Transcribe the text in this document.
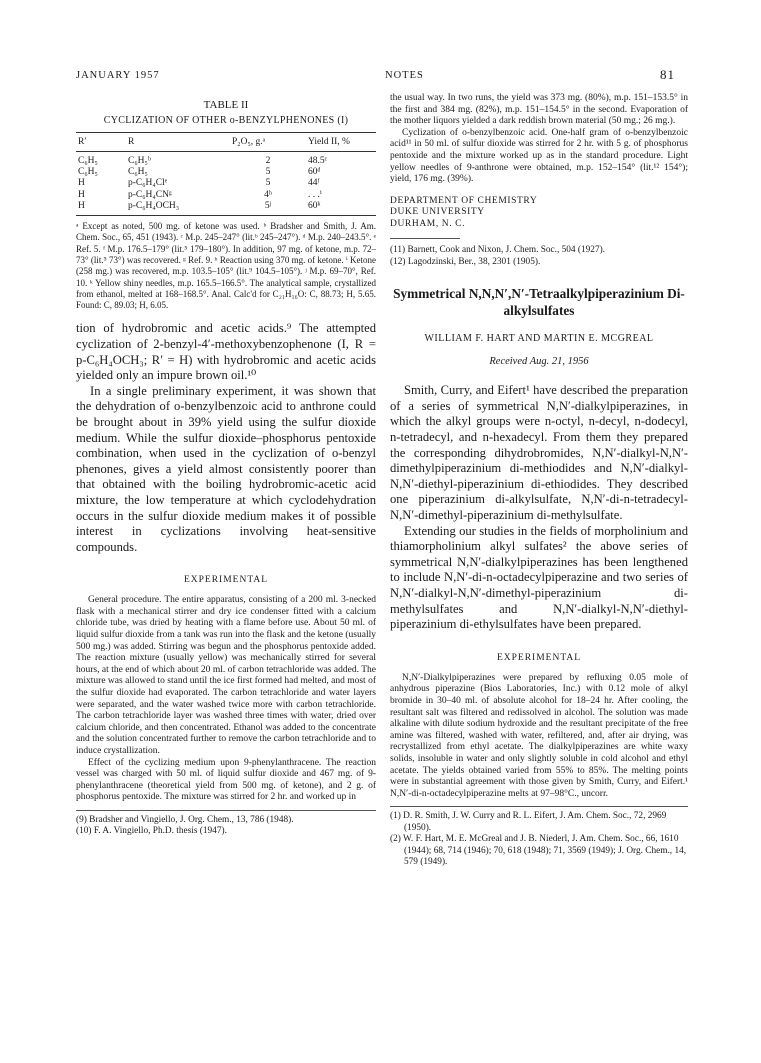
JANUARY 1957	NOTES	81
TABLE II
CYCLIZATION OF OTHER o-BENZYLPHENONES (I)
R′	R	P₂O₅, g.ᵃ	Yield II, %
C₆H₅	C₆H₅ᵇ	2	48.5ᶜ
C₆H₅	C₆H₅	5	60ᵈ
H	p-C₆H₄Clᵉ	5	44ᶠ
H	p-C₆H₄CNᵍ	4ʰ	. . .ⁱ
H	p-C₆H₄OCH₃	5ʲ	60ᵏ
ᵃ Except as noted, 500 mg. of ketone was used. ᵇ Bradsher and Smith, J. Am. Chem. Soc., 65, 451 (1943). ᶜ M.p. 245–247° (lit.ᵇ 245–247°). ᵈ M.p. 240–243.5°. ᵉ Ref. 5. ᶠ M.p. 176.5–179° (lit.⁵ 179–180°). In addition, 97 mg. of ketone, m.p. 72–73° (lit.⁵ 73°) was recovered. ᵍ Ref. 9. ʰ Reaction using 370 mg. of ketone. ⁱ Ketone (258 mg.) was recovered, m.p. 103.5–105° (lit.⁹ 104.5–105°). ʲ M.p. 69–70°, Ref. 10. ᵏ Yellow shiny needles, m.p. 165.5–166.5°. The analytical sample, crystallized from ethanol, melted at 168–168.5°. Anal. Calc'd for C₂₁H₁₆O: C, 88.73; H, 5.65. Found: C, 89.03; H, 6.05.

tion of hydrobromic and acetic acids.⁹ The attempted cyclization of 2-benzyl-4′-methoxybenzophenone (I, R = p-C₆H₄OCH₃; R′ = H) with hydrobromic and acetic acids yielded only an impure brown oil.¹⁰

In a single preliminary experiment, it was shown that the dehydration of o-benzylbenzoic acid to anthrone could be brought about in 39% yield using the sulfur dioxide medium. While the sulfur dioxide–phosphorus pentoxide combination, when used in the cyclization of o-benzyl phenones, gives a yield almost consistently poorer than that obtained with the boiling hydrobromic-acetic acid mixture, the low temperature at which cyclodehydration occurs in the sulfur dioxide medium makes it of possible interest in cyclizations involving heat-sensitive compounds.

EXPERIMENTAL

General procedure. The entire apparatus, consisting of a 200 ml. 3-necked flask with a mechanical stirrer and dry ice condenser fitted with a calcium chloride tube, was dried by heating with a flame before use. About 50 ml. of liquid sulfur dioxide from a tank was run into the flask and the ketone (usually 500 mg.) was added. Stirring was begun and the phosphorus pentoxide added. The reaction mixture (usually yellow) was mechanically stirred for several hours, at the end of which about 20 ml. of carbon tetrachloride was added. The mixture was allowed to stand until the ice first formed had melted, and most of the sulfur dioxide had evaporated. The carbon tetrachloride and water layers were separated, and the water washed twice more with carbon tetrachloride. The carbon tetrachloride layer was washed three times with water, dried over calcium chloride, and then concentrated. Ethanol was added to the concentrate and the solution concentrated further to remove the carbon tetrachloride and to induce crystallization.

Effect of the cyclizing medium upon 9-phenylanthracene. The reaction vessel was charged with 50 ml. of liquid sulfur dioxide and 467 mg. of 9-phenylanthracene (theoretical yield from 500 mg. of ketone), and 2 g. of phosphorus pentoxide. The mixture was stirred for 2 hr. and worked up in

(9) Bradsher and Vingiello, J. Org. Chem., 13, 786 (1948).
(10) F. A. Vingiello, Ph.D. thesis (1947).

the usual way. In two runs, the yield was 373 mg. (80%), m.p. 151–153.5° in the first and 384 mg. (82%), m.p. 151–154.5° in the second. Evaporation of the mother liquors yielded a dark reddish brown material (50 mg.; 26 mg.).

Cyclization of o-benzylbenzoic acid. One-half gram of o-benzylbenzoic acid¹¹ in 50 ml. of sulfur dioxide was stirred for 2 hr. with 5 g. of phosphorus pentoxide and the mixture worked up as in the standard procedure. Light yellow needles of 9-anthrone were obtained, m.p. 152–154° (lit.¹² 154°); yield, 176 mg. (39%).

DEPARTMENT OF CHEMISTRY
DUKE UNIVERSITY
DURHAM, N. C.
(11) Barnett, Cook and Nixon, J. Chem. Soc., 504 (1927).
(12) Lagodzinski, Ber., 38, 2301 (1905).
Symmetrical N,N,N′,N′-Tetraalkylpiperazinium Di-alkylsulfates
WILLIAM F. HART AND MARTIN E. MCGREAL
Received Aug. 21, 1956

Smith, Curry, and Eifert¹ have described the preparation of a series of symmetrical N,N′-dialkylpiperazines, in which the alkyl groups were n-octyl, n-decyl, n-dodecyl, n-tetradecyl, and n-hexadecyl. From them they prepared the corresponding dihydrobromides, N,N′-dialkyl-N,N′-dimethylpiperazinium di-methiodides and N,N′-dialkyl-N,N′-diethyl-piperazinium di-ethiodides. They described one piperazinium di-alkylsulfate, N,N′-di-n-tetradecyl-N,N′-dimethyl-piperazinium di-methylsulfate.

Extending our studies in the fields of morpholinium and thiamorpholinium alkyl sulfates² the above series of symmetrical N,N′-dialkylpiperazines has been lengthened to include N,N′-di-n-octadecylpiperazine and two series of N,N′-dialkyl-N,N′-dimethyl-piperazinium di-methylsulfates and N,N′-dialkyl-N,N′-diethyl-piperazinium di-ethylsulfates have been prepared.

EXPERIMENTAL

N,N′-Dialkylpiperazines were prepared by refluxing 0.05 mole of anhydrous piperazine (Bios Laboratories, Inc.) with 0.12 mole of alkyl bromide in 30–40 ml. of absolute alcohol for 18–24 hr. After cooling, the resultant salt was filtered and redissolved in alcohol. The solution was made alkaline with dilute sodium hydroxide and the resultant precipitate of the free amine was filtered, washed with water, refiltered, and, after air drying, was recrystallized from ethyl acetate. The dialkylpiperazines are white waxy solids, insoluble in water and only slightly soluble in cold alcohol and ethyl acetate. The yields obtained varied from 55% to 85%. The melting points were in substantial agreement with those given by Smith, Curry, and Eifert.¹ N,N′-di-n-octadecylpiperazine melts at 97–98°C., uncorr.

(1) D. R. Smith, J. W. Curry and R. L. Eifert, J. Am. Chem. Soc., 72, 2969 (1950).
(2) W. F. Hart, M. E. McGreal and J. B. Niederl, J. Am. Chem. Soc., 66, 1610 (1944); 68, 714 (1946); 70, 618 (1948); 71, 3569 (1949); J. Org. Chem., 14, 579 (1949).
